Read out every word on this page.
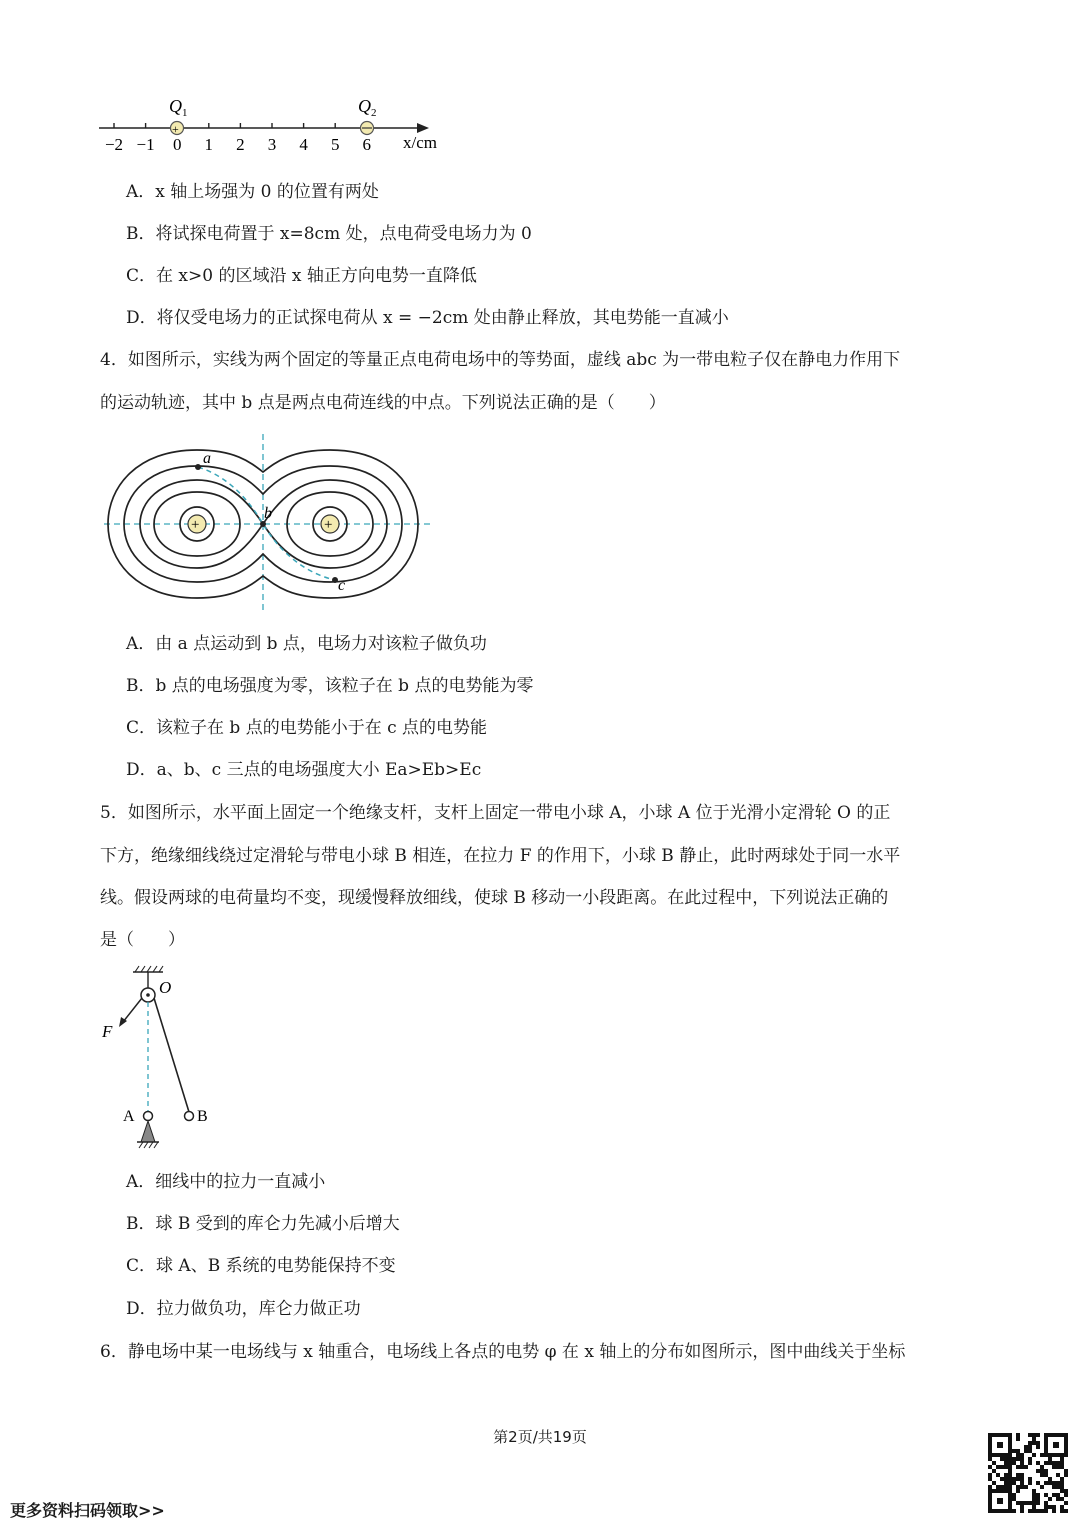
−2 −1 0 1 2 3 4 5 6
+
$Q_1$	$Q_2$
x/cm
A．x 轴上场强为 0 的位置有两处
B．将试探电荷置于 x=8cm 处，点电荷受电场力为 0
C．在 x>0 的区域沿 x 轴正方向电势一直降低
D．将仅受电场力的正试探电荷从 x = −2cm 处由静止释放，其电势能一直减小
4．如图所示，实线为两个固定的等量正点电荷电场中的等势面，虚线 abc 为一带电粒子仅在静电力作用下
的运动轨迹，其中 b 点是两点电荷连线的中点。下列说法正确的是（　　）
+	+
a
b
c
A．由 a 点运动到 b 点，电场力对该粒子做负功
B．b 点的电场强度为零，该粒子在 b 点的电势能为零
C．该粒子在 b 点的电势能小于在 c 点的电势能
D．a、b、c 三点的电场强度大小 Ea>Eb>Ec
5．如图所示，水平面上固定一个绝缘支杆，支杆上固定一带电小球 A，小球 A 位于光滑小定滑轮 O 的正
下方，绝缘细线绕过定滑轮与带电小球 B 相连，在拉力 F 的作用下，小球 B 静止，此时两球处于同一水平
线。假设两球的电荷量均不变，现缓慢释放细线，使球 B 移动一小段距离。在此过程中，下列说法正确的
是（　　）
O
F
A	B
A．细线中的拉力一直减小
B．球 B 受到的库仑力先减小后增大
C．球 A、B 系统的电势能保持不变
D．拉力做负功，库仑力做正功
6．静电场中某一电场线与 x 轴重合，电场线上各点的电势 φ 在 x 轴上的分布如图所示，图中曲线关于坐标
第2页/共19页
更多资料扫码领取>>
